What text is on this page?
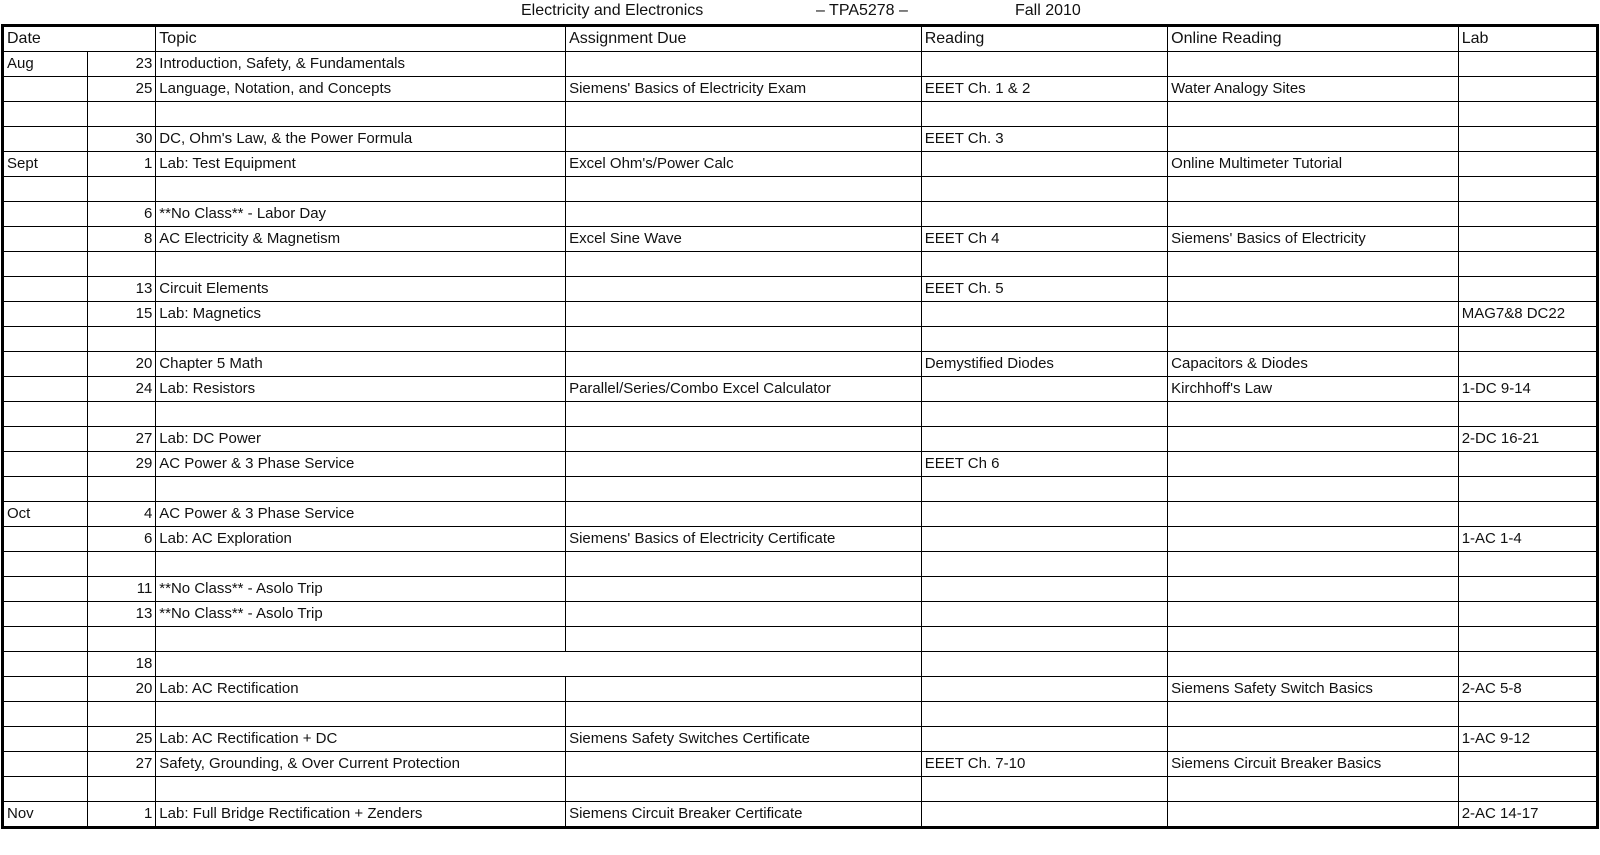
Electricity and Electronics	– TPA5278 –	Fall 2010
Date		Topic	Assignment Due	Reading	Online Reading	Lab
Aug	23	Introduction, Safety, & Fundamentals				
	25	Language, Notation, and Concepts	Siemens' Basics of Electricity Exam	EEET Ch. 1 & 2	Water Analogy Sites	

	30	DC, Ohm's Law, & the Power Formula		EEET Ch. 3		
Sept	1	Lab: Test Equipment	Excel Ohm's/Power Calc		Online Multimeter Tutorial	

	6	**No Class** - Labor Day				
	8	AC Electricity & Magnetism	Excel Sine Wave	EEET Ch 4	Siemens' Basics of Electricity	

	13	Circuit Elements		EEET Ch. 5		
	15	Lab: Magnetics				MAG7&8 DC22

	20	Chapter 5 Math		Demystified Diodes	Capacitors & Diodes	
	24	Lab: Resistors	Parallel/Series/Combo Excel Calculator		Kirchhoff's Law	1-DC 9-14

	27	Lab: DC Power				2-DC 16-21
	29	AC Power & 3 Phase Service		EEET Ch 6		

Oct	4	AC Power & 3 Phase Service				
	6	Lab: AC Exploration	Siemens' Basics of Electricity Certificate			1-AC 1-4

	11	**No Class** - Asolo Trip				
	13	**No Class** - Asolo Trip				

	18					
	20	Lab: AC Rectification			Siemens Safety Switch Basics	2-AC 5-8

	25	Lab: AC Rectification + DC	Siemens Safety Switches Certificate			1-AC 9-12
	27	Safety, Grounding, & Over Current Protection		EEET Ch. 7-10	Siemens Circuit Breaker Basics	

Nov	1	Lab: Full Bridge Rectification + Zenders	Siemens Circuit Breaker Certificate			2-AC 14-17
